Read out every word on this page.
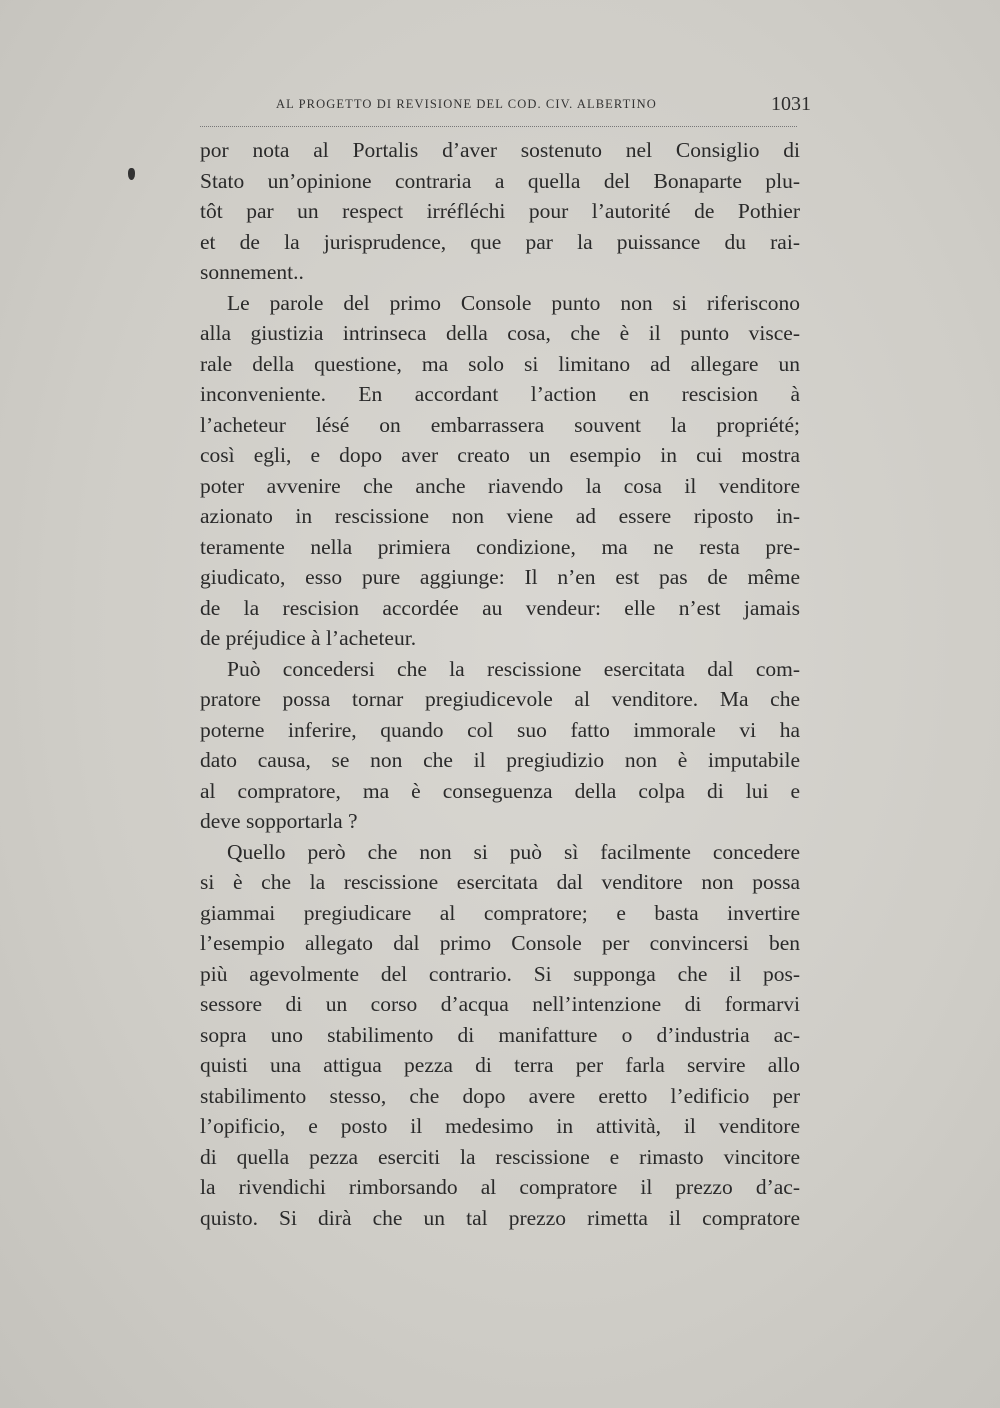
AL PROGETTO DI REVISIONE DEL COD. CIV. ALBERTINO	1031
por nota al Portalis d’aver sostenuto nel Consiglio di
Stato un’opinione contraria a quella del Bonaparte plu-
tôt par un respect irréfléchi pour l’autorité de Pothier
et de la jurisprudence, que par la puissance du rai-
sonnement..
Le parole del primo Console punto non si riferiscono
alla giustizia intrinseca della cosa, che è il punto visce-
rale della questione, ma solo si limitano ad allegare un
inconveniente. En accordant l’action en rescision à
l’acheteur lésé on embarrassera souvent la propriété;
così egli, e dopo aver creato un esempio in cui mostra
poter avvenire che anche riavendo la cosa il venditore
azionato in rescissione non viene ad essere riposto in-
teramente nella primiera condizione, ma ne resta pre-
giudicato, esso pure aggiunge: Il n’en est pas de même
de la rescision accordée au vendeur: elle n’est jamais
de préjudice à l’acheteur.
Può concedersi che la rescissione esercitata dal com-
pratore possa tornar pregiudicevole al venditore. Ma che
poterne inferire, quando col suo fatto immorale vi ha
dato causa, se non che il pregiudizio non è imputabile
al compratore, ma è conseguenza della colpa di lui e
deve sopportarla ?
Quello però che non si può sì facilmente concedere
si è che la rescissione esercitata dal venditore non possa
giammai pregiudicare al compratore; e basta invertire
l’esempio allegato dal primo Console per convincersi ben
più agevolmente del contrario. Si supponga che il pos-
sessore di un corso d’acqua nell’intenzione di formarvi
sopra uno stabilimento di manifatture o d’industria ac-
quisti una attigua pezza di terra per farla servire allo
stabilimento stesso, che dopo avere eretto l’edificio per
l’opificio, e posto il medesimo in attività, il venditore
di quella pezza eserciti la rescissione e rimasto vincitore
la rivendichi rimborsando al compratore il prezzo d’ac-
quisto. Si dirà che un tal prezzo rimetta il compratore
